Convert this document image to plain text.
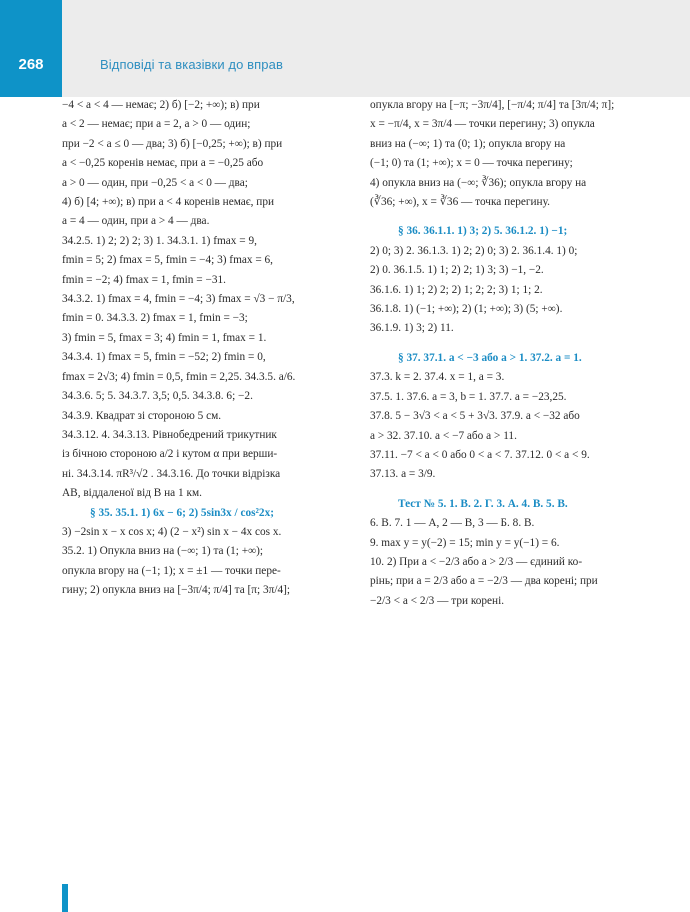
268	Відповіді та вказівки до вправ
−4 < a < 4 — немає; 2) б) [−2; +∞); в) при
a < 2 — немає; при a = 2, a > 0 — один;
при −2 < a ≤ 0 — два; 3) б) [−0,25; +∞); в) при
a < −0,25 коренів немає, при a = −0,25 або
a > 0 — один, при −0,25 < a < 0 — два;
4) б) [4; +∞); в) при a < 4 коренів немає, при
a = 4 — один, при a > 4 — два.
34.2.5. 1) 2; 2) 2; 3) 1. 34.3.1. 1) fmax = 9,
fmin = 5; 2) fmax = 5, fmin = −4; 3) fmax = 6,
fmin = −2; 4) fmax = 1, fmin = −31.
34.3.2. 1) fmax = 4, fmin = −4; 3) fmax = √3 − π/3,
fmin = 0. 34.3.3. 2) fmax = 1, fmin = −3;
3) fmin = 5, fmax = 3; 4) fmin = 1, fmax = 1.
34.3.4. 1) fmax = 5, fmin = −52; 2) fmin = 0,
fmax = 2√3; 4) fmin = 0,5, fmin = 2,25. 34.3.5. a/6.
34.3.6. 5; 5. 34.3.7. 3,5; 0,5. 34.3.8. 6; −2.
34.3.9. Квадрат зі стороною 5 см.
34.3.12. 4. 34.3.13. Рівнобедрений трикутник
із бічною стороною a/2 і кутом α при верши-
ні. 34.3.14. πR³/√2 . 34.3.16. До точки відрізка
AB, віддаленої від B на 1 км.
§ 35. 35.1. 1) 6x − 6; 2) 5sin3x / cos²2x;
3) −2sin x − x cos x; 4) (2 − x²) sin x − 4x cos x.
35.2. 1) Опукла вниз на (−∞; 1) та (1; +∞);
опукла вгору на (−1; 1); x = ±1 — точки пере-
гину; 2) опукла вниз на [−3π/4; π/4] та [π; 3π/4];
опукла вгору на [−π; −3π/4], [−π/4; π/4] та [3π/4; π];
x = −π/4, x = 3π/4 — точки перегину; 3) опукла
вниз на (−∞; 1) та (0; 1); опукла вгору на
(−1; 0) та (1; +∞); x = 0 — точка перегину;
4) опукла вниз на (−∞; ∛36); опукла вгору на
(∛36; +∞), x = ∛36 — точка перегину.
§ 36. 36.1.1. 1) 3; 2) 5. 36.1.2. 1) −1;
2) 0; 3) 2. 36.1.3. 1) 2; 2) 0; 3) 2. 36.1.4. 1) 0;
2) 0. 36.1.5. 1) 1; 2) 2; 1) 3; 3) −1, −2.
36.1.6. 1) 1; 2) 2; 2) 1; 2; 2; 3) 1; 1; 2.
36.1.8. 1) (−1; +∞); 2) (1; +∞); 3) (5; +∞).
36.1.9. 1) 3; 2) 11.
§ 37. 37.1. a < −3 або a > 1. 37.2. a = 1.
37.3. k = 2. 37.4. x = 1, a = 3.
37.5. 1. 37.6. a = 3, b = 1. 37.7. a = −23,25.
37.8. 5 − 3√3 < a < 5 + 3√3. 37.9. a < −32 або
a > 32. 37.10. a < −7 або a > 11.
37.11. −7 < a < 0 або 0 < a < 7. 37.12. 0 < a < 9.
37.13. a = 3/9.
Тест № 5. 1. В. 2. Г. 3. А. 4. В. 5. В.
6. В. 7. 1 — А, 2 — В, 3 — Б. 8. В.
9. max y = y(−2) = 15; min y = y(−1) = 6.
10. 2) При a < −2/3 або a > 2/3 — єдиний ко-
рінь; при a = 2/3 або a = −2/3 — два корені; при
−2/3 < a < 2/3 — три корені.
